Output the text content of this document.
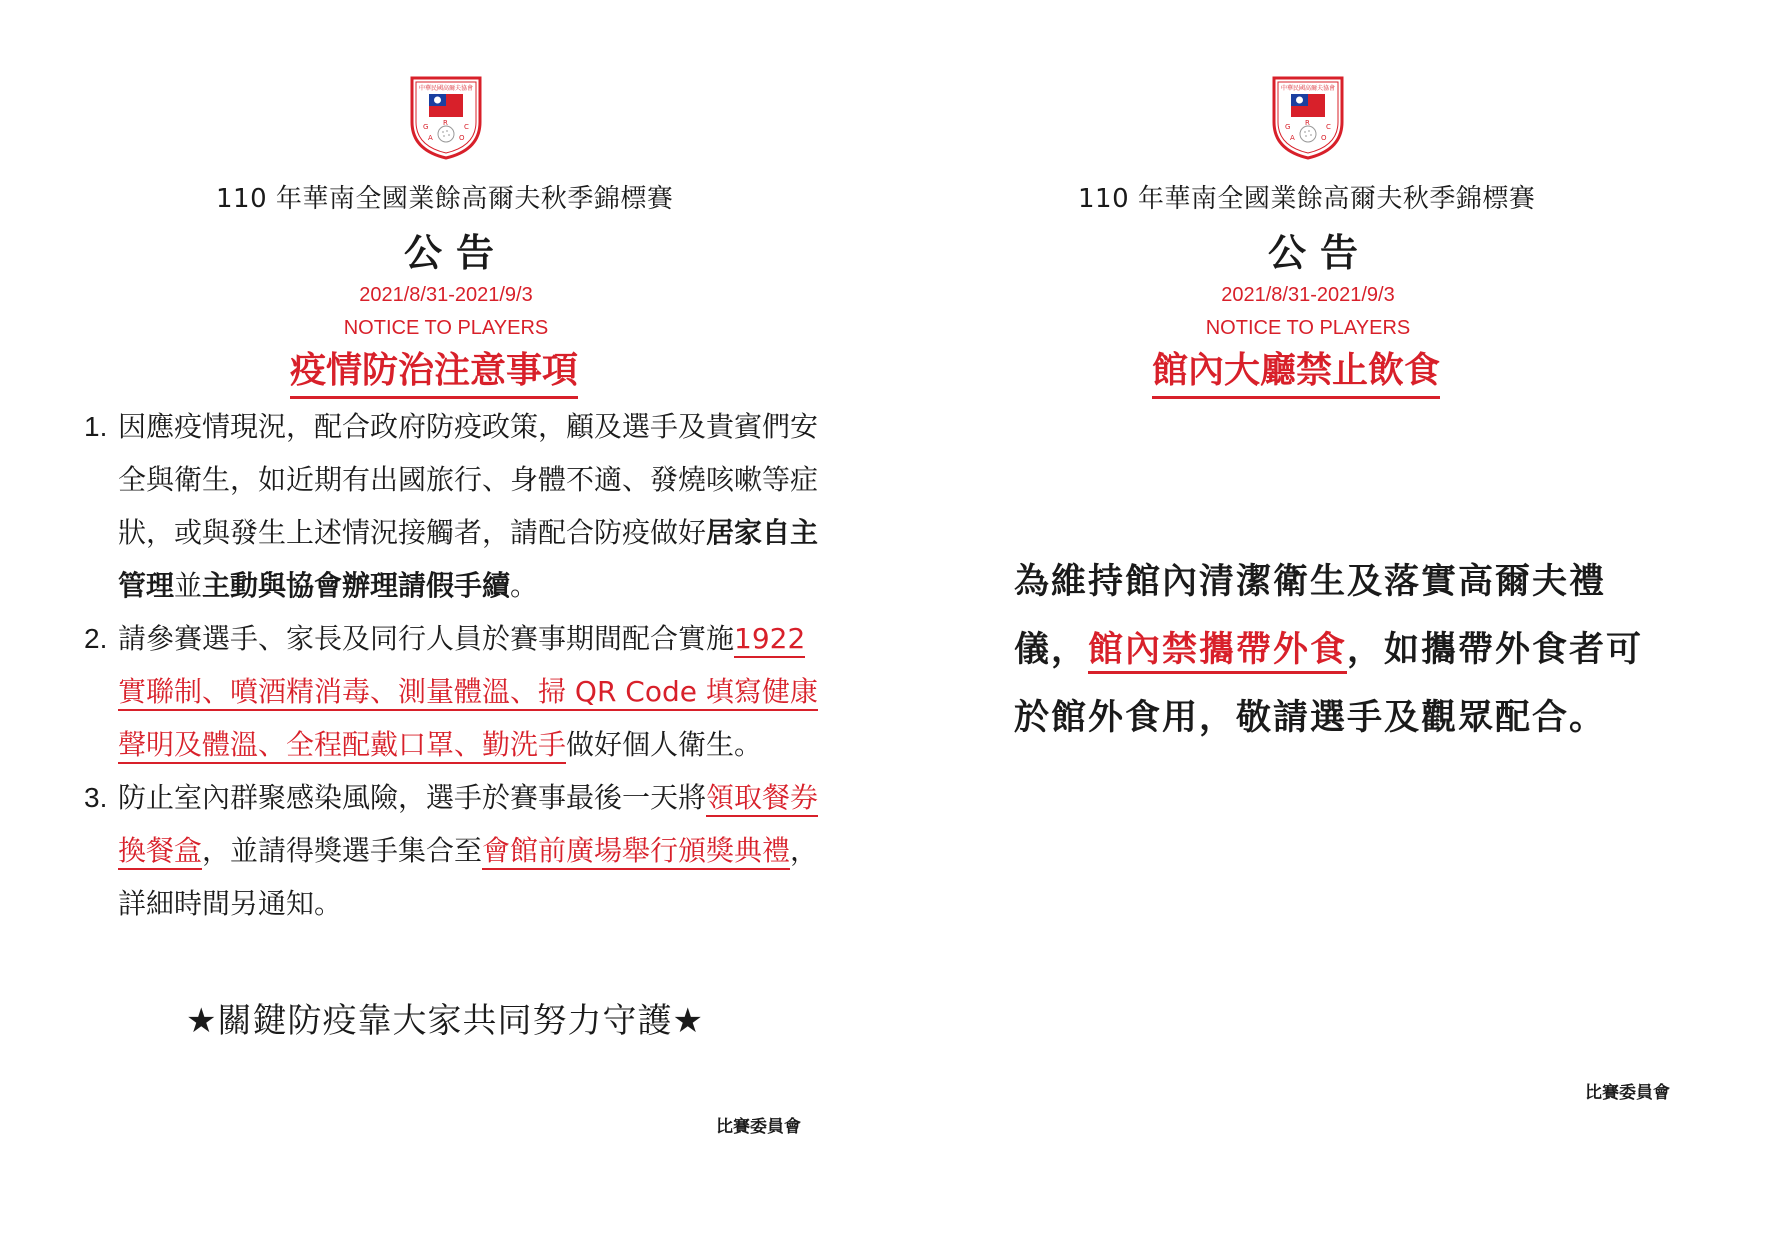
中華民國高爾夫協會
G
A
R
O
C
110 年華南全國業餘高爾夫秋季錦標賽
公告
2021/8/31-2021/9/3
NOTICE TO PLAYERS
疫情防治注意事項
1. 因應疫情現況，配合政府防疫政策，顧及選手及貴賓們安全與衛生，如近期有出國旅行、身體不適、發燒咳嗽等症狀，或與發生上述情況接觸者，請配合防疫做好居家自主管理並主動與協會辦理請假手續。
2. 請參賽選手、家長及同行人員於賽事期間配合實施1922 實聯制、噴酒精消毒、測量體溫、掃 QR Code 填寫健康聲明及體溫、全程配戴口罩、勤洗手做好個人衛生。
3. 防止室內群聚感染風險，選手於賽事最後一天將領取餐券換餐盒，並請得獎選手集合至會館前廣場舉行頒獎典禮，詳細時間另通知。
★關鍵防疫靠大家共同努力守護★
比賽委員會
中華民國高爾夫協會
G
A
R
O
C
110 年華南全國業餘高爾夫秋季錦標賽
公告
2021/8/31-2021/9/3
NOTICE TO PLAYERS
館內大廳禁止飲食
為維持館內清潔衛生及落實高爾夫禮儀，館內禁攜帶外食，如攜帶外食者可於館外食用，敬請選手及觀眾配合。
比賽委員會
